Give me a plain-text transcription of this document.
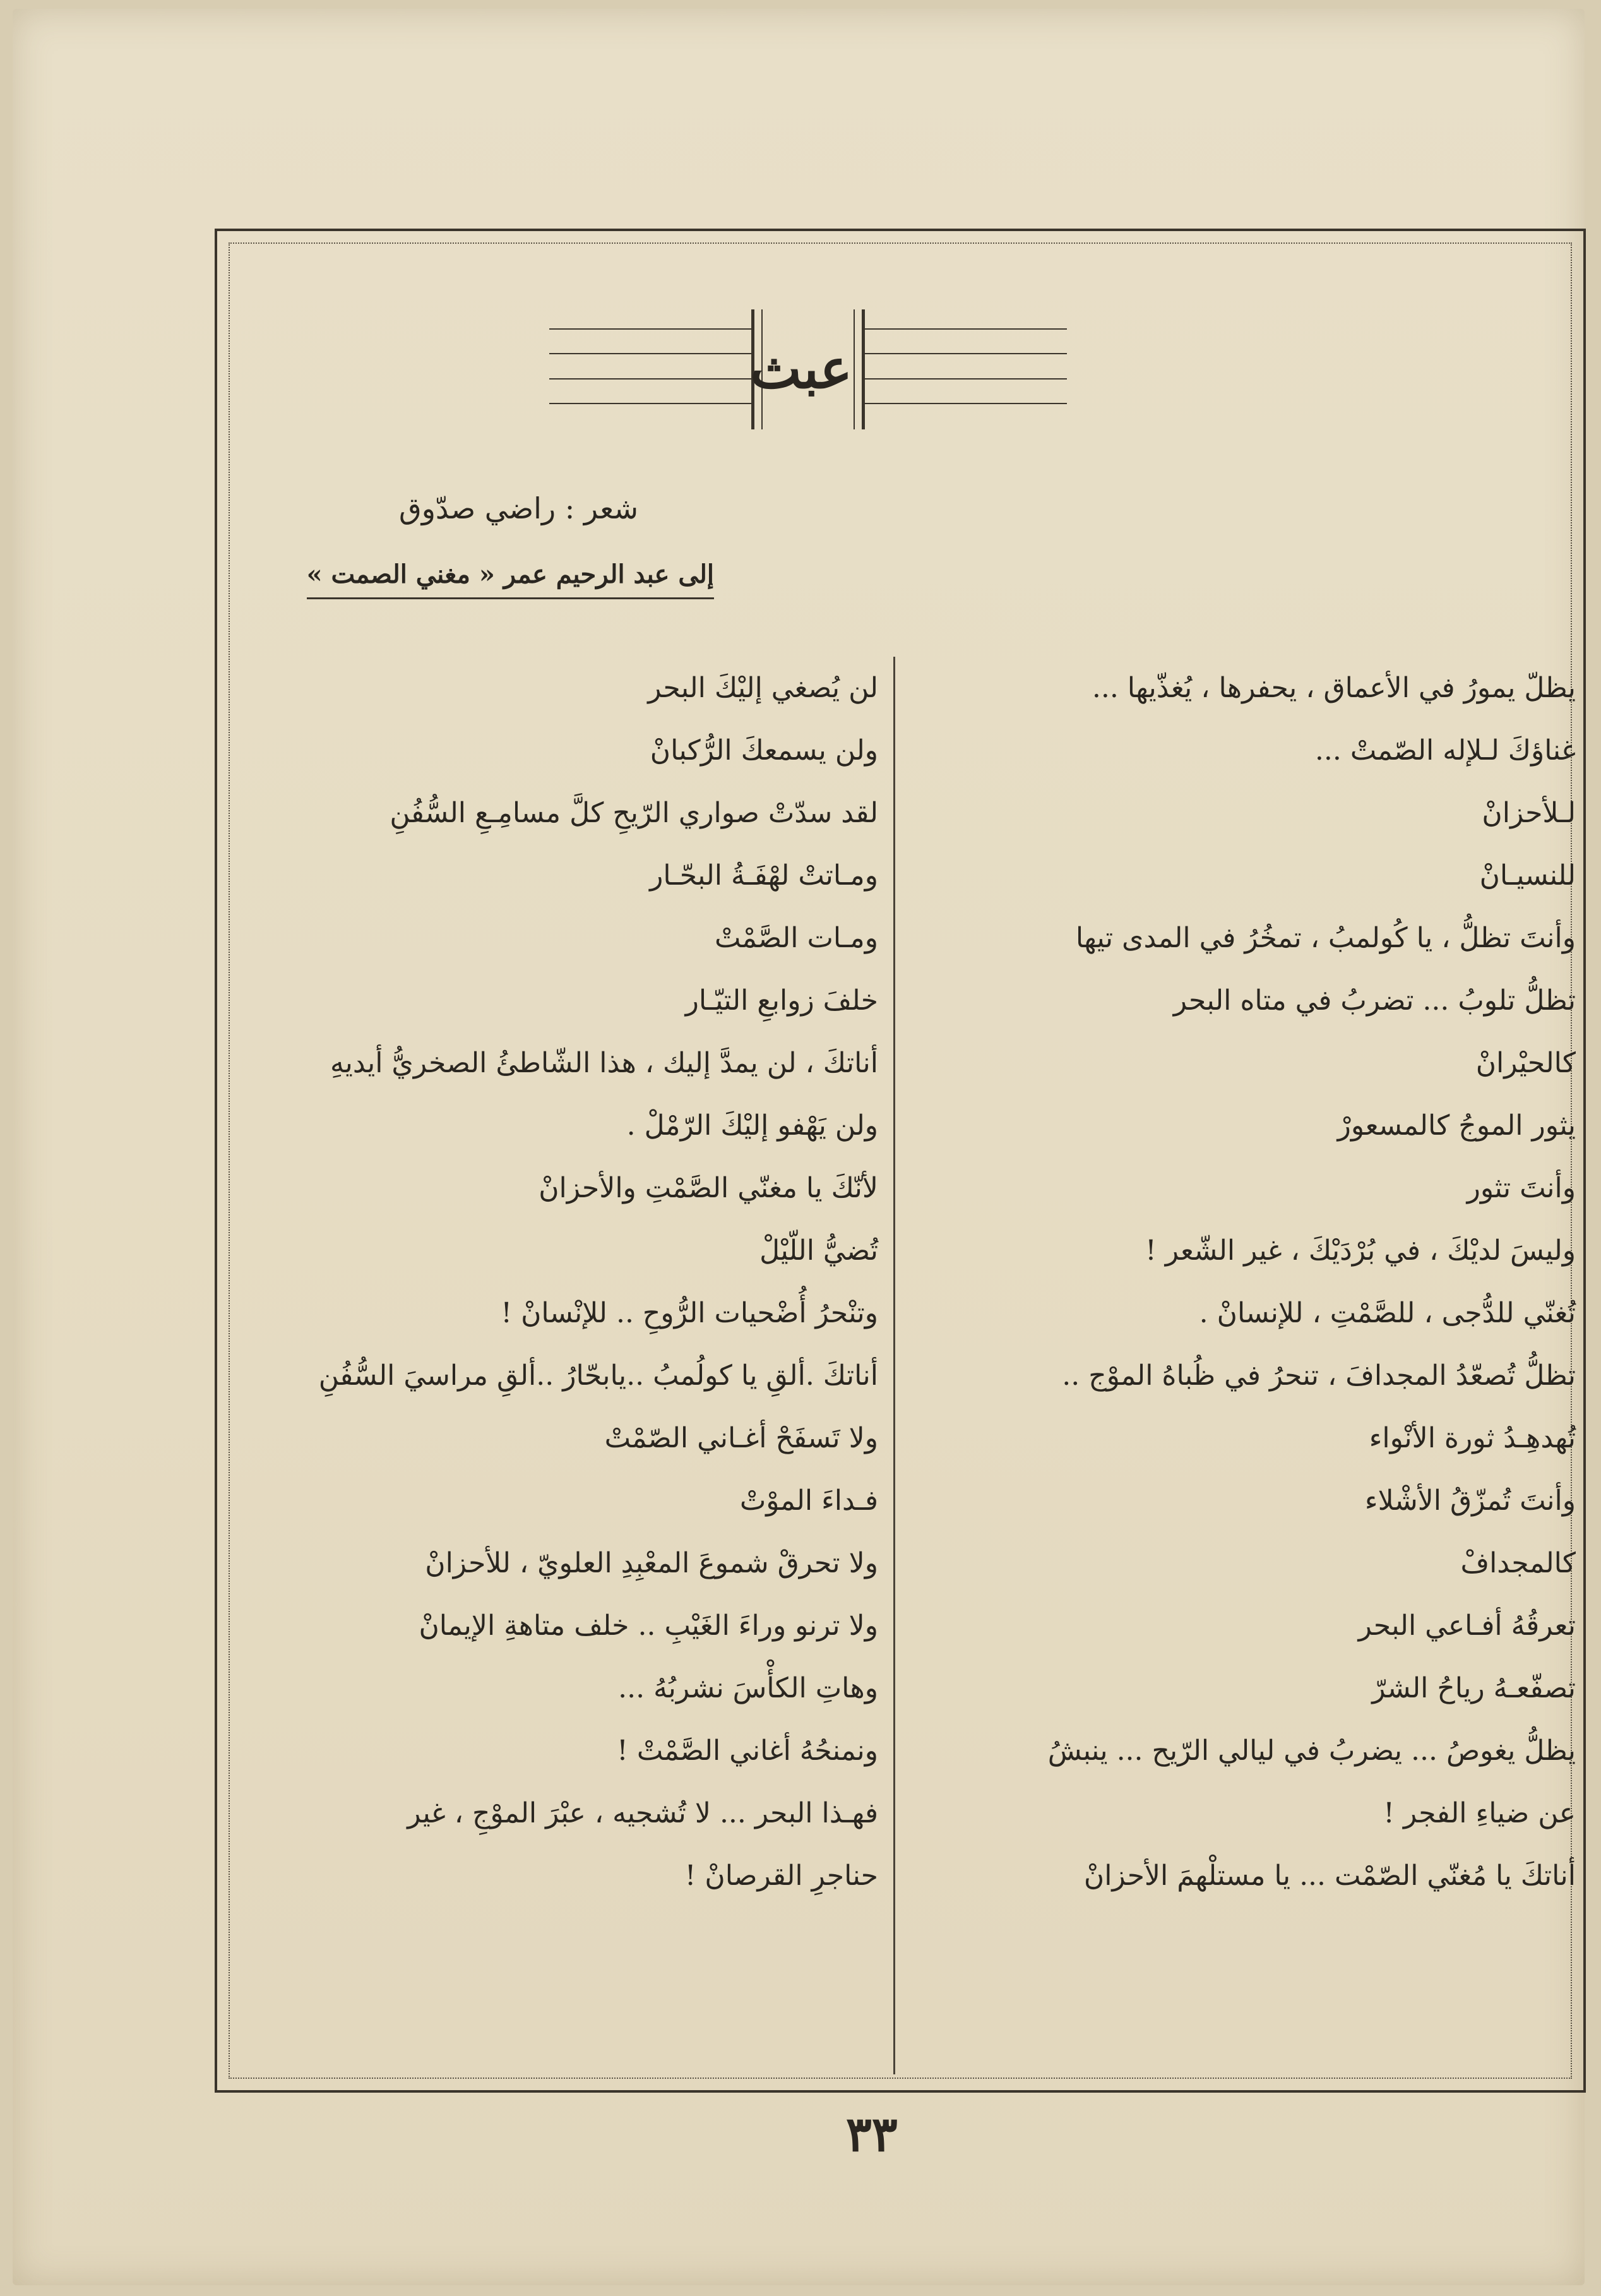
عبث
شعر : راضي صدّوق
إلى عبد الرحيم عمر « مغني الصمت »
يظلّ يمورُ في الأعماق ، يحفرها ، يُغذّيها ...
غناؤكَ لـلإله الصّمتْ ...
لـلأحزانْ
للنسيـانْ
وأنتَ تظلُّ ، يا كُولمبُ ، تمخُرُ في المدى تيها
تظلُّ تلوبُ ... تضربُ في متاه البحر
كالحيْرانْ
يثور الموجُ كالمسعورْ
وأنتَ تثور
وليسَ لديْكَ ، في بُرْدَيْكَ ، غير الشّعر !
تُغنّي للدُّجى ، للصَّمْتِ ، للإنسانْ .
تظلُّ تُصعّدُ المجدافَ ، تنحرُ في ظُباهُ الموْج ..
تُهدهِـدُ ثورة الأنْواء
وأنتَ تُمزّقُ الأشْلاء
كالمجدافْ
تعرقُهُ أفـاعي البحر
تصفّعـهُ رياحُ الشرّ
يظلُّ يغوصُ ... يضربُ في ليالي الرّيح ... ينبشُ
عن ضياءِ الفجر !
أناتكَ يا مُغنّي الصّمْت ... يا مستلْهمَ الأحزانْ
لن يُصغي إليْكَ البحر
ولن يسمعكَ الرُّكبانْ
لقد سدّتْ صواري الرّيحِ كلَّ مسامِـعِ السُّفُنِ
ومـاتتْ لهْفَـةُ البحّـار
ومـات الصَّمْتْ
خلفَ زوابعِ التيّـار
أناتكَ ، لن يمدَّ إليك ، هذا الشّاطئُ الصخريُّ أيديهِ
ولن يَهْفو إليْكَ الرّمْلْ .
لأنّكَ يا مغنّي الصَّمْتِ والأحزانْ
تُضيُّ اللّيْلْ
وتنْحرُ أُضْحيات الرُّوحِ .. للإنْسانْ !
أناتكَ .ألقِ يا كولُمبُ ..يابحّارُ ..ألقِ مراسيَ السُّفُنِ
ولا تَسفَحْ أغـاني الصّمْتْ
فـداءَ الموْتْ
ولا تحرقْ شموعَ المعْبِدِ العلويّ ، للأحزانْ
ولا ترنو وراءَ الغَيْبِ .. خلف متاهةِ الإيمانْ
وهاتِ الكأْسَ نشربُهُ ...
ونمنحُهُ أغاني الصَّمْتْ !
فهـذا البحر ... لا تُشجيه ، عبْرَ الموْجِ ، غير
حناجرِ القرصانْ !
٣٣
